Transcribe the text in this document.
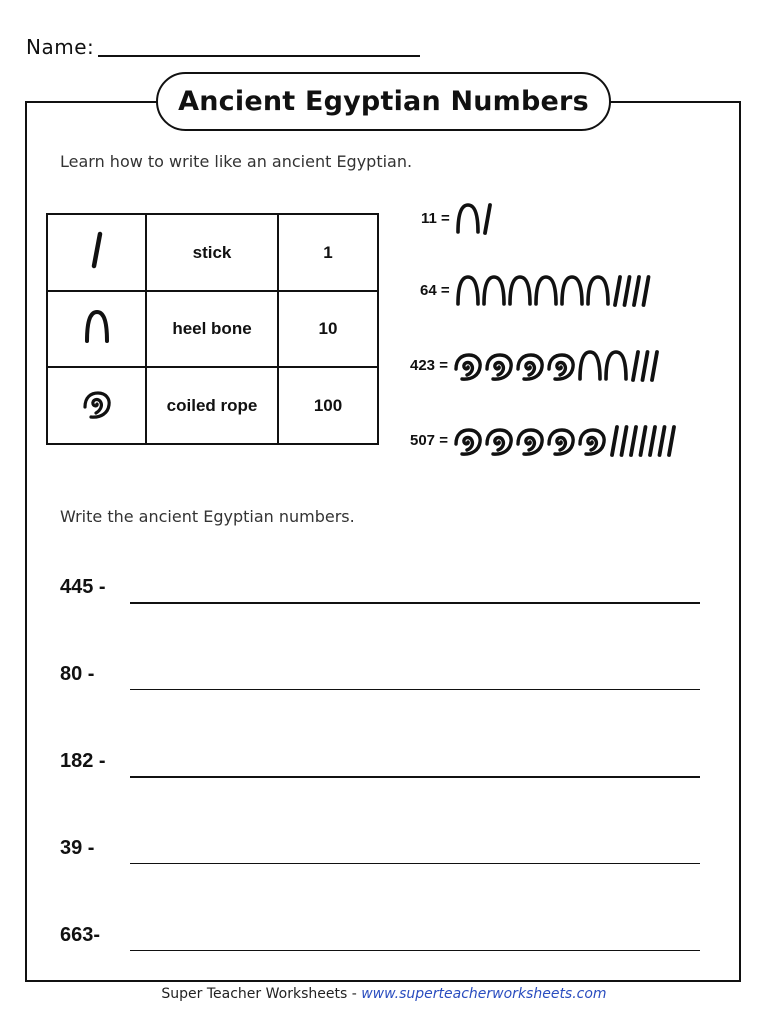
Name:
Ancient Egyptian Numbers
Learn how to write like an ancient Egyptian.
	stick	1
	heel bone	10
	coiled rope	100
11 =
64 =
423 =
507 =
Write the ancient Egyptian numbers.
445 -
80 -
182 -
39 -
663-
Super Teacher Worksheets - www.superteacherworksheets.com
